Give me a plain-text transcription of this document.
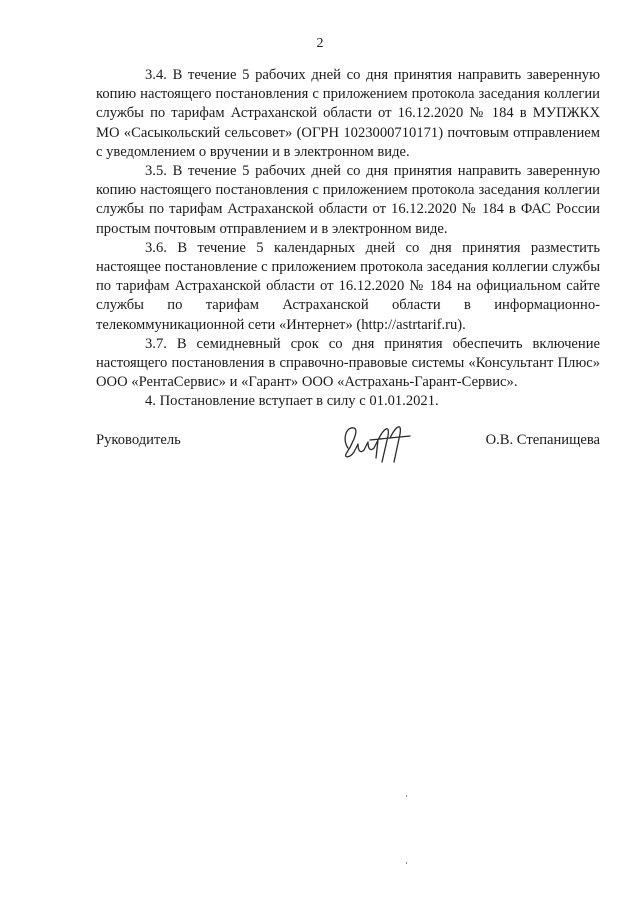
2

3.4. В течение 5 рабочих дней со дня принятия направить заверенную копию настоящего постановления с приложением протокола заседания коллегии службы по тарифам Астраханской области от 16.12.2020 № 184 в МУПЖКХ МО «Сасыкольский сельсовет» (ОГРН 1023000710171) почтовым отправлением с уведомлением о вручении и в электронном виде.

3.5. В течение 5 рабочих дней со дня принятия направить заверенную копию настоящего постановления с приложением протокола заседания коллегии службы по тарифам Астраханской области от 16.12.2020 № 184 в ФАС России простым почтовым отправлением и в электронном виде.

3.6. В течение 5 календарных дней со дня принятия разместить настоящее постановление с приложением протокола заседания коллегии службы по тарифам Астраханской области от 16.12.2020 № 184 на официальном сайте службы по тарифам Астраханской области в информационно-телекоммуникационной сети «Интернет» (http://astrtarif.ru).

3.7. В семидневный срок со дня принятия обеспечить включение настоящего постановления в справочно-правовые системы «Консультант Плюс» ООО «РентаСервис» и «Гарант» ООО «Астрахань-Гарант-Сервис».

4. Постановление вступает в силу с 01.01.2021.

Руководитель	О.В. Степанищева
